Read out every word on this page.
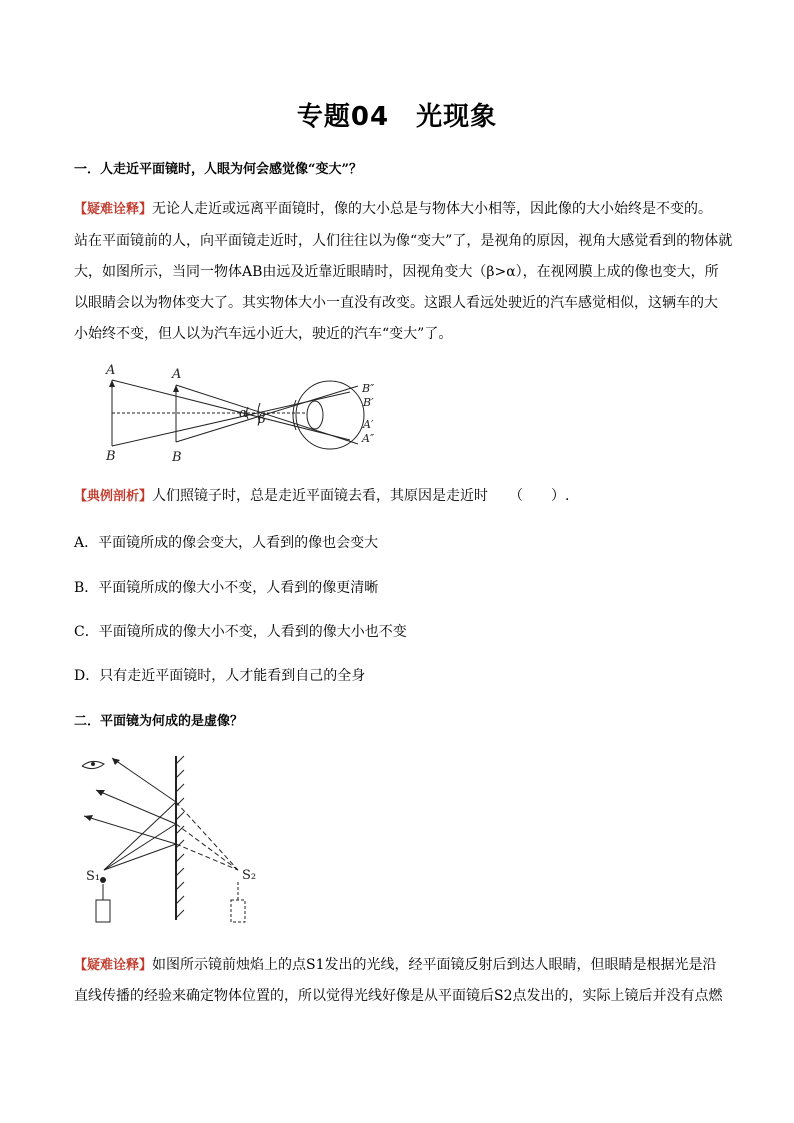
专题04　光现象
一．人走近平面镜时，人眼为何会感觉像“变大”？
【疑难诠释】无论人走近或远离平面镜时，像的大小总是与物体大小相等，因此像的大小始终是不变的。
站在平面镜前的人，向平面镜走近时，人们往往以为像“变大”了，是视角的原因，视角大感觉看到的物体就
大，如图所示，当同一物体AB由远及近靠近眼睛时，因视角变大（β>α），在视网膜上成的像也变大，所
以眼睛会以为物体变大了。其实物体大小一直没有改变。这跟人看远处驶近的汽车感觉相似，这辆车的大
小始终不变，但人以为汽车远小近大，驶近的汽车“变大”了。
A
B
A
B
α β
B″
B′
A′
A″
【典例剖析】人们照镜子时，总是走近平面镜去看，其原因是走近时　　（　　）.
A．平面镜所成的像会变大，人看到的像也会变大
B．平面镜所成的像大小不变，人看到的像更清晰
C．平面镜所成的像大小不变，人看到的像大小也不变
D．只有走近平面镜时，人才能看到自己的全身
二．平面镜为何成的是虚像？
S₁	S₂
【疑难诠释】如图所示镜前烛焰上的点S1发出的光线，经平面镜反射后到达人眼睛，但眼睛是根据光是沿
直线传播的经验来确定物体位置的，所以觉得光线好像是从平面镜后S2点发出的，实际上镜后并没有点燃
